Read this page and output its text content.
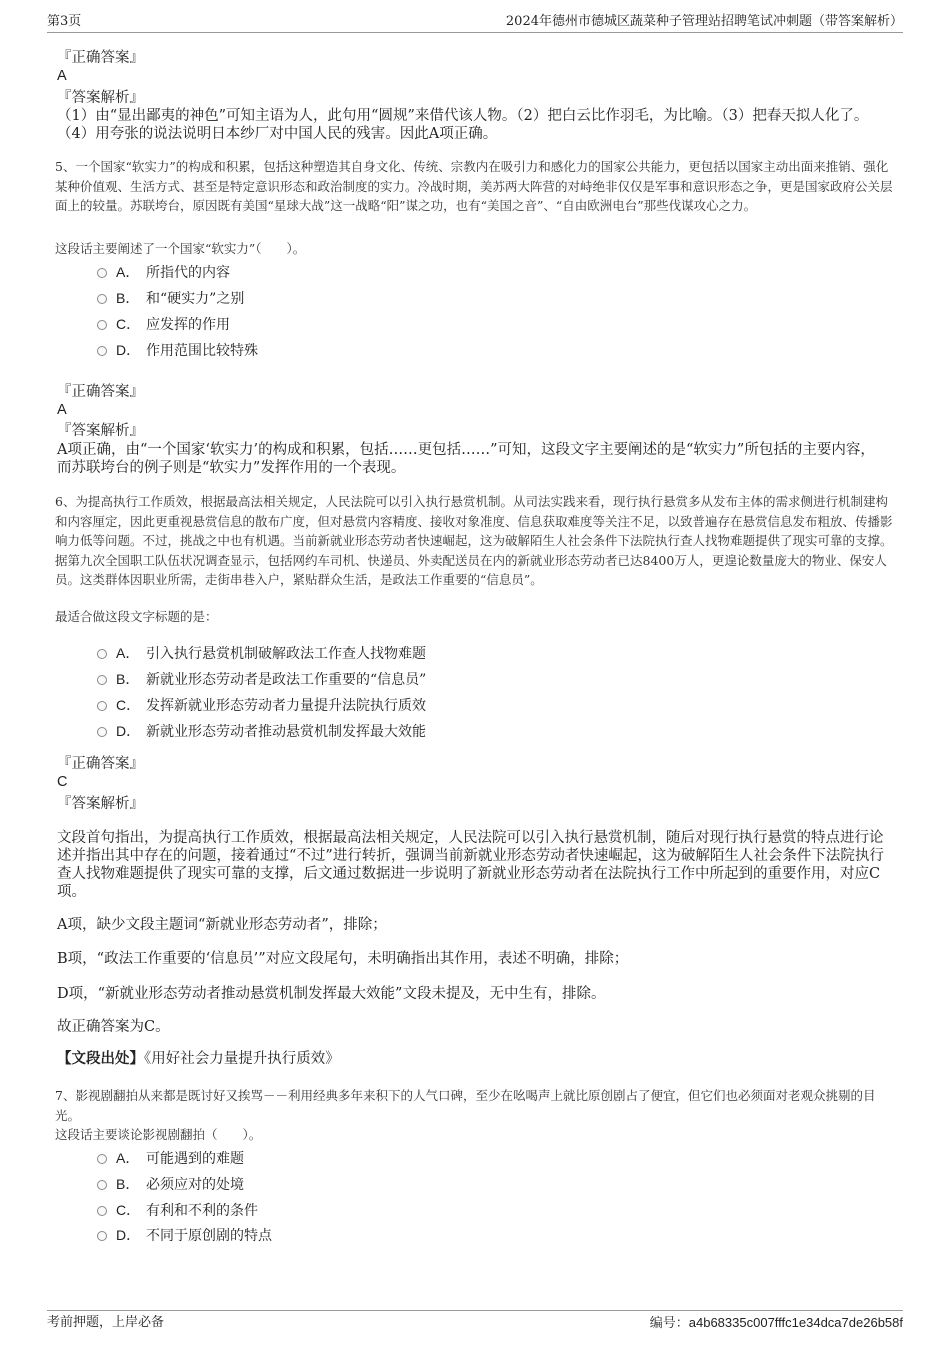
第3页	2024年德州市德城区蔬菜种子管理站招聘笔试冲刺题（带答案解析）
『正确答案』
A
『答案解析』
（1）由“显出鄙夷的神色”可知主语为人，此句用“圆规”来借代该人物。（2）把白云比作羽毛，为比喻。（3）把春天拟人化了。（4）用夸张的说法说明日本纱厂对中国人民的残害。因此A项正确。
5、一个国家“软实力”的构成和积累，包括这种塑造其自身文化、传统、宗教内在吸引力和感化力的国家公共能力，更包括以国家主动出面来推销、强化某种价值观、生活方式、甚至是特定意识形态和政治制度的实力。冷战时期，美苏两大阵营的对峙绝非仅仅是军事和意识形态之争，更是国家政府公关层面上的较量。苏联垮台，原因既有美国“星球大战”这一战略“阳”谋之功，也有“美国之音”、“自由欧洲电台”那些伐谋攻心之力。
这段话主要阐述了一个国家“软实力”（　　）。
A． 所指代的内容
B． 和“硬实力”之别
C． 应发挥的作用
D． 作用范围比较特殊
『正确答案』
A
『答案解析』
A项正确，由“一个国家‘软实力’的构成和积累，包括……更包括……”可知，这段文字主要阐述的是“软实力”所包括的主要内容，而苏联垮台的例子则是“软实力”发挥作用的一个表现。
6、为提高执行工作质效，根据最高法相关规定，人民法院可以引入执行悬赏机制。从司法实践来看，现行执行悬赏多从发布主体的需求侧进行机制建构和内容厘定，因此更重视悬赏信息的散布广度，但对悬赏内容精度、接收对象准度、信息获取难度等关注不足，以致普遍存在悬赏信息发布粗放、传播影响力低等问题。不过，挑战之中也有机遇。当前新就业形态劳动者快速崛起，这为破解陌生人社会条件下法院执行查人找物难题提供了现实可靠的支撑。据第九次全国职工队伍状况调查显示，包括网约车司机、快递员、外卖配送员在内的新就业形态劳动者已达8400万人，更遑论数量庞大的物业、保安人员。这类群体因职业所需，走街串巷入户，紧贴群众生活，是政法工作重要的“信息员”。
最适合做这段文字标题的是：
A． 引入执行悬赏机制破解政法工作查人找物难题
B． 新就业形态劳动者是政法工作重要的“信息员”
C． 发挥新就业形态劳动者力量提升法院执行质效
D． 新就业形态劳动者推动悬赏机制发挥最大效能
『正确答案』
C
『答案解析』
文段首句指出，为提高执行工作质效，根据最高法相关规定，人民法院可以引入执行悬赏机制，随后对现行执行悬赏的特点进行论述并指出其中存在的问题，接着通过“不过”进行转折，强调当前新就业形态劳动者快速崛起，这为破解陌生人社会条件下法院执行查人找物难题提供了现实可靠的支撑，后文通过数据进一步说明了新就业形态劳动者在法院执行工作中所起到的重要作用，对应C项。
A项，缺少文段主题词“新就业形态劳动者”，排除；
B项，“政法工作重要的‘信息员’”对应文段尾句，未明确指出其作用，表述不明确，排除；
D项，“新就业形态劳动者推动悬赏机制发挥最大效能”文段未提及，无中生有，排除。
故正确答案为C。
【文段出处】《用好社会力量提升执行质效》
7、影视剧翻拍从来都是既讨好又挨骂－－利用经典多年来积下的人气口碑，至少在吆喝声上就比原创剧占了便宜，但它们也必须面对老观众挑剔的目光。
这段话主要谈论影视剧翻拍（　　）。
A． 可能遇到的难题
B． 必须应对的处境
C． 有利和不利的条件
D． 不同于原创剧的特点
考前押题，上岸必备	编号：a4b68335c007fffc1e34dca7de26b58f
